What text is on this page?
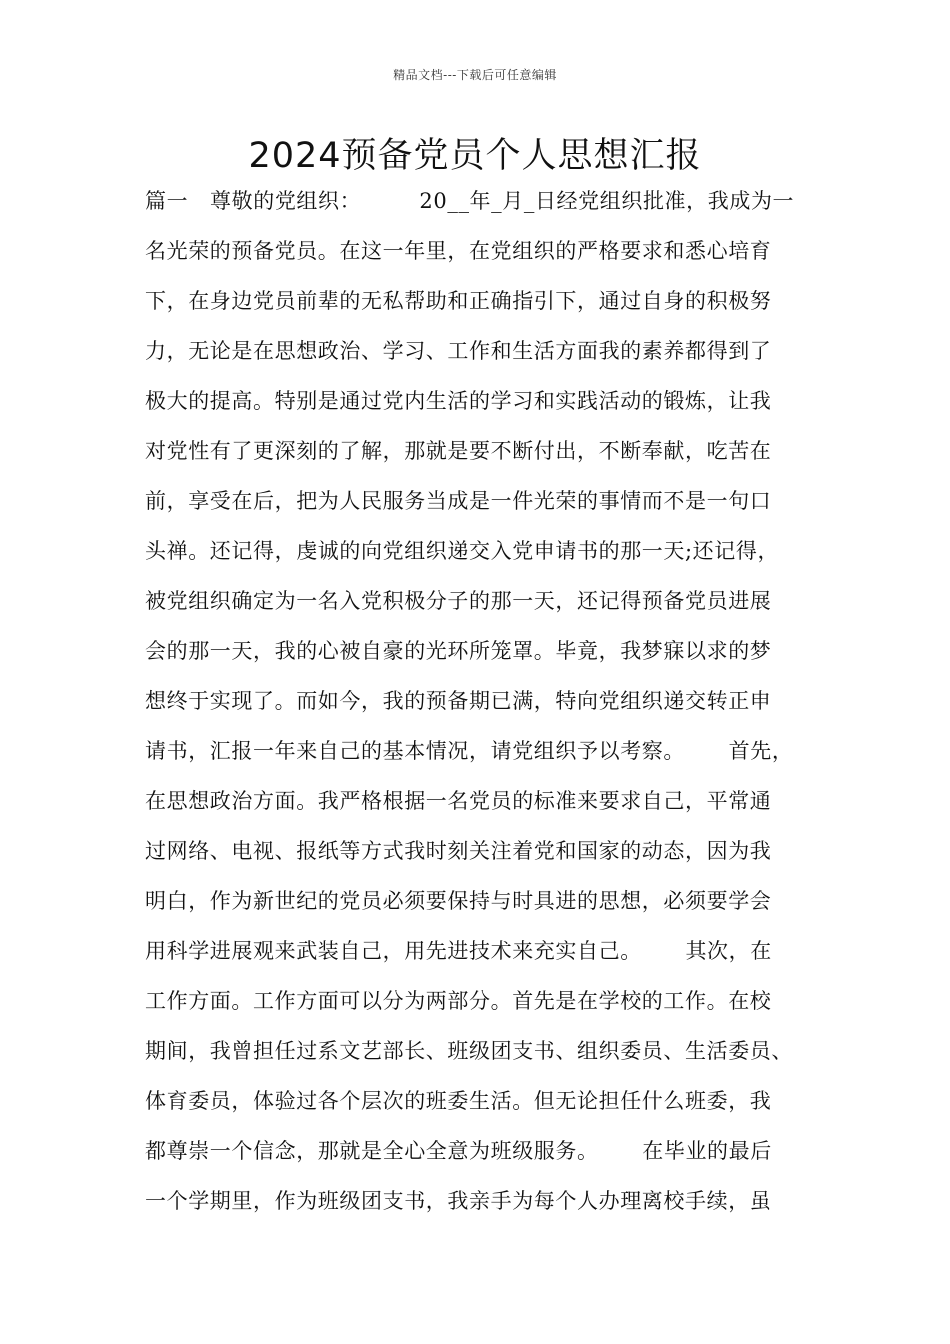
精品文档---下载后可任意编辑
2024预备党员个人思想汇报
篇一   尊敬的党组织：        20__年_月_日经党组织批准，我成为一
名光荣的预备党员。在这一年里，在党组织的严格要求和悉心培育
下，在身边党员前辈的无私帮助和正确指引下，通过自身的积极努
力，无论是在思想政治、学习、工作和生活方面我的素养都得到了
极大的提高。特别是通过党内生活的学习和实践活动的锻炼，让我
对党性有了更深刻的了解，那就是要不断付出，不断奉献，吃苦在
前，享受在后，把为人民服务当成是一件光荣的事情而不是一句口
头禅。还记得，虔诚的向党组织递交入党申请书的那一天;还记得，
被党组织确定为一名入党积极分子的那一天，还记得预备党员进展
会的那一天，我的心被自豪的光环所笼罩。毕竟，我梦寐以求的梦
想终于实现了。而如今，我的预备期已满，特向党组织递交转正申
请书，汇报一年来自己的基本情况，请党组织予以考察。      首先，
在思想政治方面。我严格根据一名党员的标准来要求自己，平常通
过网络、电视、报纸等方式我时刻关注着党和国家的动态，因为我
明白，作为新世纪的党员必须要保持与时具进的思想，必须要学会
用科学进展观来武装自己，用先进技术来充实自己。      其次，在
工作方面。工作方面可以分为两部分。首先是在学校的工作。在校
期间，我曾担任过系文艺部长、班级团支书、组织委员、生活委员、
体育委员，体验过各个层次的班委生活。但无论担任什么班委，我
都尊崇一个信念，那就是全心全意为班级服务。      在毕业的最后
一个学期里，作为班级团支书，我亲手为每个人办理离校手续，虽
